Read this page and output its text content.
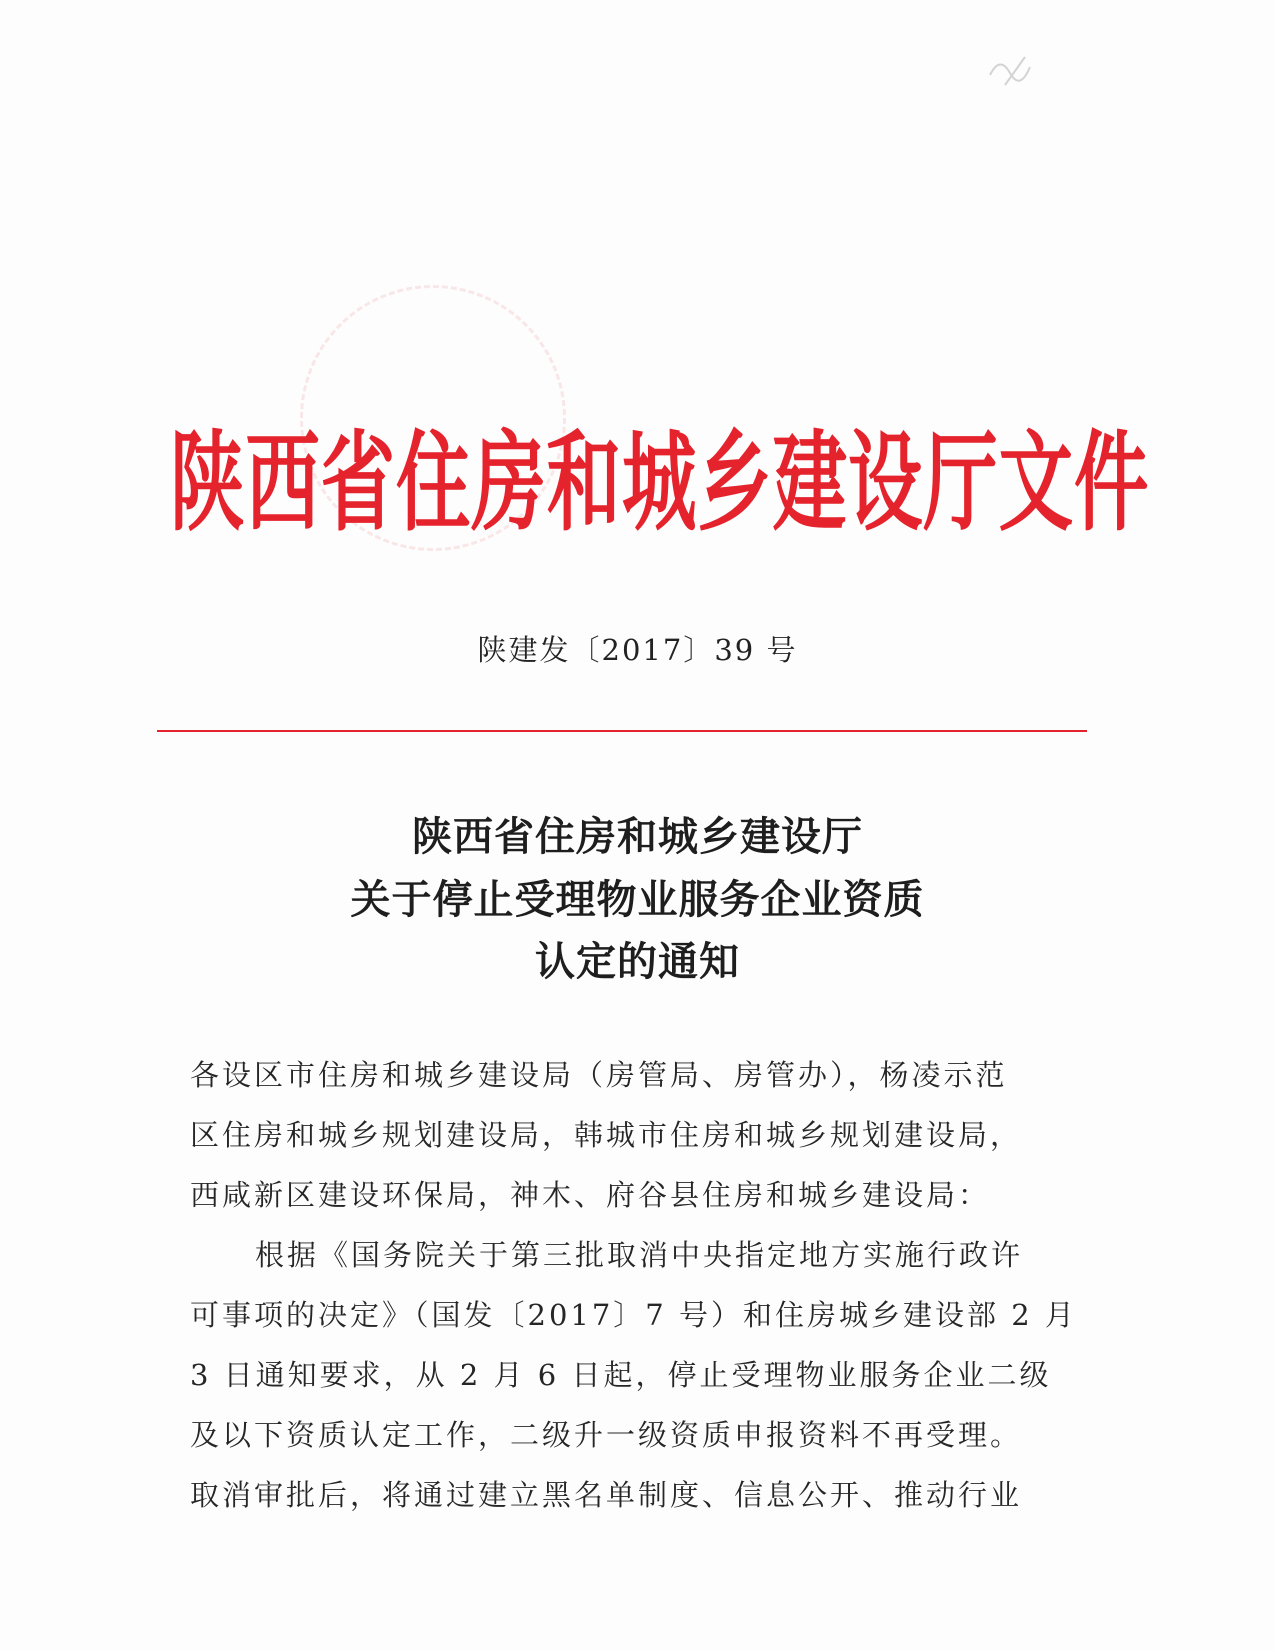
陕西省住房和城乡建设厅文件
陕建发〔2017〕39 号
陕西省住房和城乡建设厅
关于停止受理物业服务企业资质
认定的通知
各设区市住房和城乡建设局（房管局、房管办），杨凌示范
区住房和城乡规划建设局，韩城市住房和城乡规划建设局，
西咸新区建设环保局，神木、府谷县住房和城乡建设局：
根据《国务院关于第三批取消中央指定地方实施行政许
可事项的决定》（国发〔2017〕7 号）和住房城乡建设部 2 月
3 日通知要求，从 2 月 6 日起，停止受理物业服务企业二级
及以下资质认定工作，二级升一级资质申报资料不再受理。
取消审批后，将通过建立黑名单制度、信息公开、推动行业
